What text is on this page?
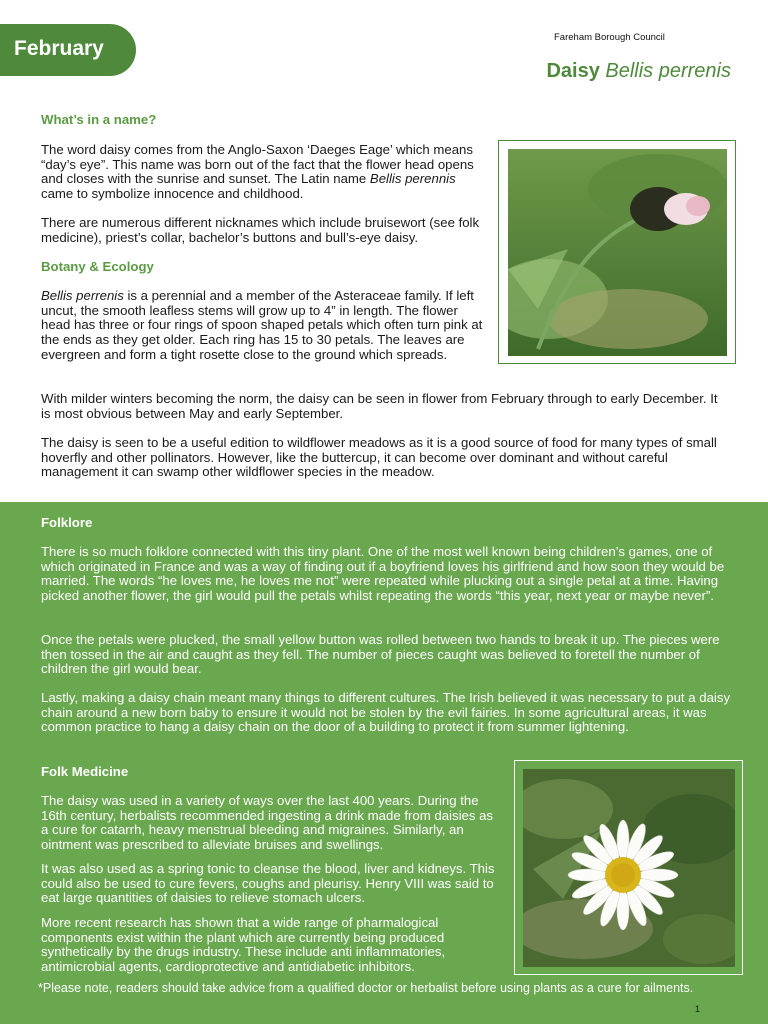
February	Fareham Borough Council
Daisy Bellis perrenis
What’s in a name?
The word daisy comes from the Anglo-Saxon ‘Daeges Eage’ which means “day’s eye”. This name was born out of the fact that the flower head opens and closes with the sunrise and sunset. The Latin name Bellis perennis came to symbolize innocence and childhood.
There are numerous different nicknames which include bruisewort (see folk medicine), priest’s collar, bachelor’s buttons and bull’s-eye daisy.
Botany & Ecology
Bellis perrenis is a perennial and a member of the Asteraceae family. If left uncut, the smooth leafless stems will grow up to 4” in length. The flower head has three or four rings of spoon shaped petals which often turn pink at the ends as they get older. Each ring has 15 to 30 petals. The leaves are evergreen and form a tight rosette close to the ground which spreads.
With milder winters becoming the norm, the daisy can be seen in flower from February through to early December. It is most obvious between May and early September.
The daisy is seen to be a useful edition to wildflower meadows as it is a good source of food for many types of small hoverfly and other pollinators. However, like the buttercup, it can become over dominant and without careful management it can swamp other wildflower species in the meadow.
Folklore
There is so much folklore connected with this tiny plant. One of the most well known being children’s games, one of which originated in France and was a way of finding out if a boyfriend loves his girlfriend and how soon they would be married. The words “he loves me, he loves me not” were repeated while plucking out a single petal at a time. Having picked another flower, the girl would pull the petals whilst repeating the words “this year, next year or maybe never”.
Once the petals were plucked, the small yellow button was rolled between two hands to break it up. The pieces were then tossed in the air and caught as they fell. The number of pieces caught was believed to foretell the number of children the girl would bear.
Lastly, making a daisy chain meant many things to different cultures. The Irish believed it was necessary to put a daisy chain around a new born baby to ensure it would not be stolen by the evil fairies. In some agricultural areas, it was common practice to hang a daisy chain on the door of a building to protect it from summer lightening.
Folk Medicine
The daisy was used in a variety of ways over the last 400 years. During the 16th century, herbalists recommended ingesting a drink made from daisies as a cure for catarrh, heavy menstrual bleeding and migraines. Similarly, an ointment was prescribed to alleviate bruises and swellings.
It was also used as a spring tonic to cleanse the blood, liver and kidneys. This could also be used to cure fevers, coughs and pleurisy. Henry VIII was said to eat large quantities of daisies to relieve stomach ulcers.
More recent research has shown that a wide range of pharmalogical components exist within the plant which are currently being produced synthetically by the drugs industry. These include anti inflammatories, antimicrobial agents, cardioprotective and antidiabetic inhibitors.
*Please note, readers should take advice from a qualified doctor or herbalist before using plants as a cure for ailments.
1
